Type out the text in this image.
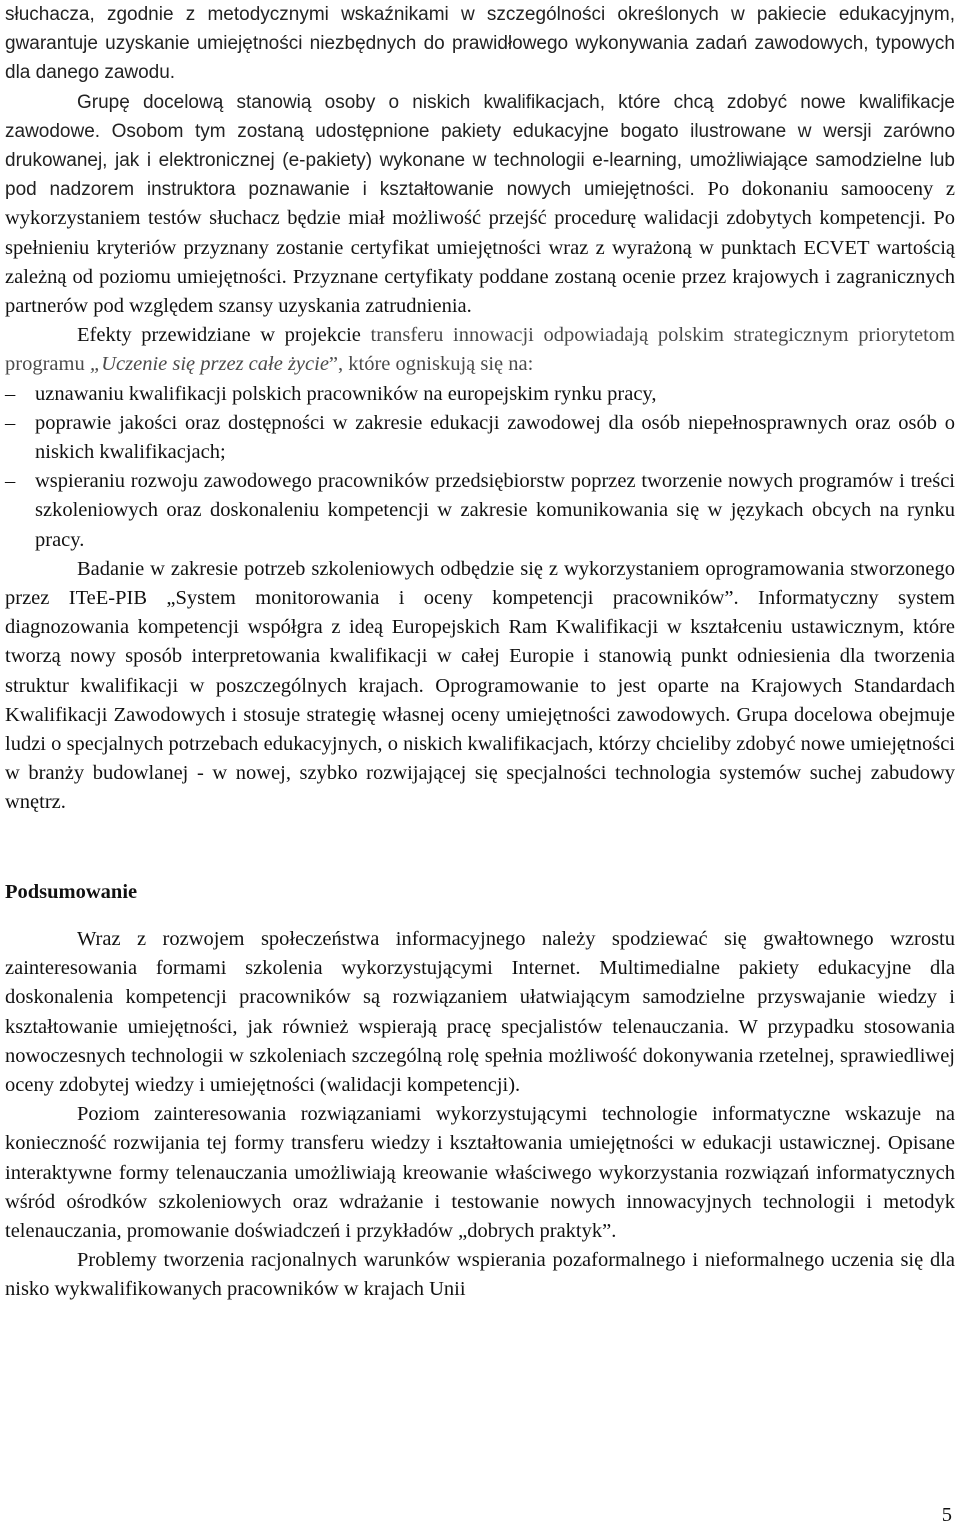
słuchacza, zgodnie z metodycznymi wskaźnikami w szczególności określonych w pakiecie edukacyjnym, gwarantuje uzyskanie umiejętności niezbędnych do prawidłowego wykonywania zadań zawodowych, typowych dla danego zawodu.
Grupę docelową stanowią osoby o niskich kwalifikacjach, które chcą zdobyć nowe kwalifikacje zawodowe. Osobom tym zostaną udostępnione pakiety edukacyjne bogato ilustrowane w wersji zarówno drukowanej, jak i elektronicznej (e-pakiety) wykonane w technologii e-learning, umożliwiające samodzielne lub pod nadzorem instruktora poznawanie i kształtowanie nowych umiejętności. Po dokonaniu samooceny z wykorzystaniem testów słuchacz będzie miał możliwość przejść procedurę walidacji zdobytych kompetencji. Po spełnieniu kryteriów przyznany zostanie certyfikat umiejętności wraz z wyrażoną w punktach ECVET wartością zależną od poziomu umiejętności. Przyznane certyfikaty poddane zostaną ocenie przez krajowych i zagranicznych partnerów pod względem szansy uzyskania zatrudnienia.

Efekty przewidziane w projekcie transferu innowacji odpowiadają polskim strategicznym priorytetom programu „Uczenie się przez całe życie”, które ogniskują się na:

– uznawaniu kwalifikacji polskich pracowników na europejskim rynku pracy,
– poprawie jakości oraz dostępności w zakresie edukacji zawodowej dla osób niepełnosprawnych oraz osób o niskich kwalifikacjach;
– wspieraniu rozwoju zawodowego pracowników przedsiębiorstw poprzez tworzenie nowych programów i treści szkoleniowych oraz doskonaleniu kompetencji w zakresie komunikowania się w językach obcych na rynku pracy.

Badanie w zakresie potrzeb szkoleniowych odbędzie się z wykorzystaniem oprogramowania stworzonego przez ITeE-PIB „System monitorowania i oceny kompetencji pracowników”. Informatyczny system diagnozowania kompetencji współgra z ideą Europejskich Ram Kwalifikacji w kształceniu ustawicznym, które tworzą nowy sposób interpretowania kwalifikacji w całej Europie i stanowią punkt odniesienia dla tworzenia struktur kwalifikacji w poszczególnych krajach. Oprogramowanie to jest oparte na Krajowych Standardach Kwalifikacji Zawodowych i stosuje strategię własnej oceny umiejętności zawodowych. Grupa docelowa obejmuje ludzi o specjalnych potrzebach edukacyjnych, o niskich kwalifikacjach, którzy chcieliby zdobyć nowe umiejętności w branży budowlanej - w nowej, szybko rozwijającej się specjalności technologia systemów suchej zabudowy wnętrz.

Podsumowanie

Wraz z rozwojem społeczeństwa informacyjnego należy spodziewać się gwałtownego wzrostu zainteresowania formami szkolenia wykorzystującymi Internet. Multimedialne pakiety edukacyjne dla doskonalenia kompetencji pracowników są rozwiązaniem ułatwiającym samodzielne przyswajanie wiedzy i kształtowanie umiejętności, jak również wspierają pracę specjalistów telenauczania. W przypadku stosowania nowoczesnych technologii w szkoleniach szczególną rolę spełnia możliwość dokonywania rzetelnej, sprawiedliwej oceny zdobytej wiedzy i umiejętności (walidacji kompetencji).

Poziom zainteresowania rozwiązaniami wykorzystującymi technologie informatyczne wskazuje na konieczność rozwijania tej formy transferu wiedzy i kształtowania umiejętności w edukacji ustawicznej. Opisane interaktywne formy telenauczania umożliwiają kreowanie właściwego wykorzystania rozwiązań informatycznych wśród ośrodków szkoleniowych oraz wdrażanie i testowanie nowych innowacyjnych technologii i metodyk telenauczania, promowanie doświadczeń i przykładów „dobrych praktyk”.

Problemy tworzenia racjonalnych warunków wspierania pozaformalnego i nieformalnego uczenia się dla nisko wykwalifikowanych pracowników w krajach Unii

5
